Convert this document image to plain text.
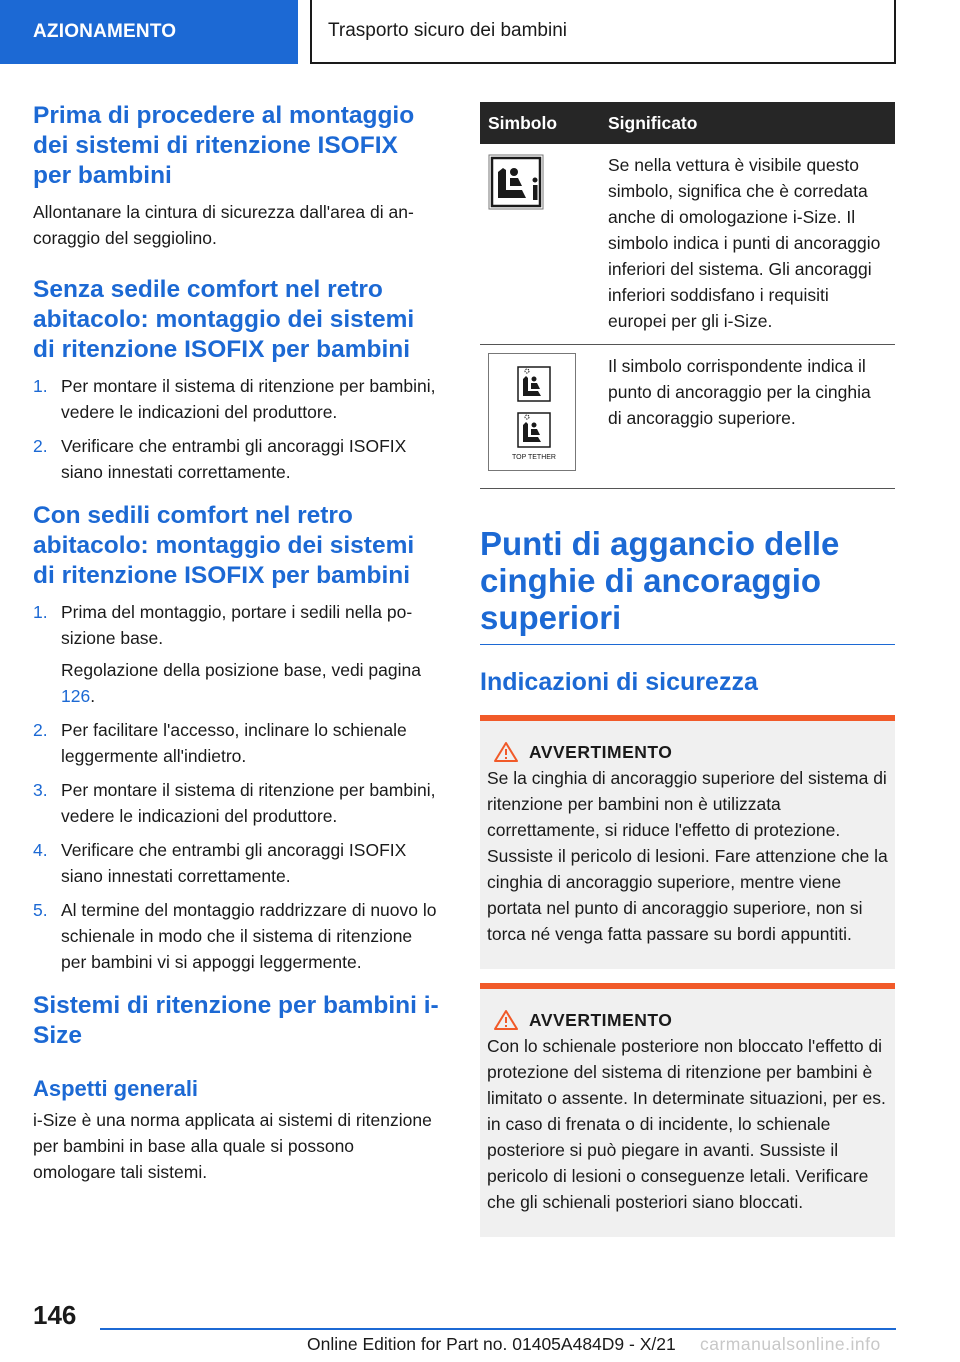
AZIONAMENTO	Trasporto sicuro dei bambini
Prima di procedere al montaggio dei sistemi di ritenzione ISOFIX per bambini

Allontanare la cintura di sicurezza dall'area di ancoraggio del seggiolino.

Senza sedile comfort nel retro abitacolo: montaggio dei sistemi di ritenzione ISOFIX per bambini
1. Per montare il sistema di ritenzione per bambini, vedere le indicazioni del produttore.
2. Verificare che entrambi gli ancoraggi ISOFIX siano innestati correttamente.
Con sedili comfort nel retro abitacolo: montaggio dei sistemi di ritenzione ISOFIX per bambini
1. Prima del montaggio, portare i sedili nella posizione base.
Regolazione della posizione base, vedi pagina 126.
2. Per facilitare l'accesso, inclinare lo schienale leggermente all'indietro.
3. Per montare il sistema di ritenzione per bambini, vedere le indicazioni del produttore.
4. Verificare che entrambi gli ancoraggi ISOFIX siano innestati correttamente.
5. Al termine del montaggio raddrizzare di nuovo lo schienale in modo che il sistema di ritenzione per bambini vi si appoggi leggermente.
Sistemi di ritenzione per bambini i-Size
Aspetti generali

i-Size è una norma applicata ai sistemi di ritenzione per bambini in base alla quale si possono omologare tali sistemi.

Simbolo	Significato
	Se nella vettura è visibile questo simbolo, significa che è corredata anche di omologazione i-Size. Il simbolo indica i punti di ancoraggio inferiori del sistema. Gli ancoraggi inferiori soddisfano i requisiti europei per gli i-Size.

TOP TETHER	Il simbolo corrispondente indica il punto di ancoraggio per la cinghia di ancoraggio superiore.
Punti di aggancio delle cinghie di ancoraggio superiori
Indicazioni di sicurezza
AVVERTIMENTO

Se la cinghia di ancoraggio superiore del sistema di ritenzione per bambini non è utilizzata correttamente, si riduce l'effetto di protezione. Sussiste il pericolo di lesioni. Fare attenzione che la cinghia di ancoraggio superiore, mentre viene portata nel punto di ancoraggio superiore, non si torca né venga fatta passare su bordi appuntiti.

AVVERTIMENTO

Con lo schienale posteriore non bloccato l'effetto di protezione del sistema di ritenzione per bambini è limitato o assente. In determinate situazioni, per es. in caso di frenata o di incidente, lo schienale posteriore si può piegare in avanti. Sussiste il pericolo di lesioni o conseguenze letali. Verificare che gli schienali posteriori siano bloccati.

146
Online Edition for Part no. 01405A484D9 - X/21 carmanualsonline.info
